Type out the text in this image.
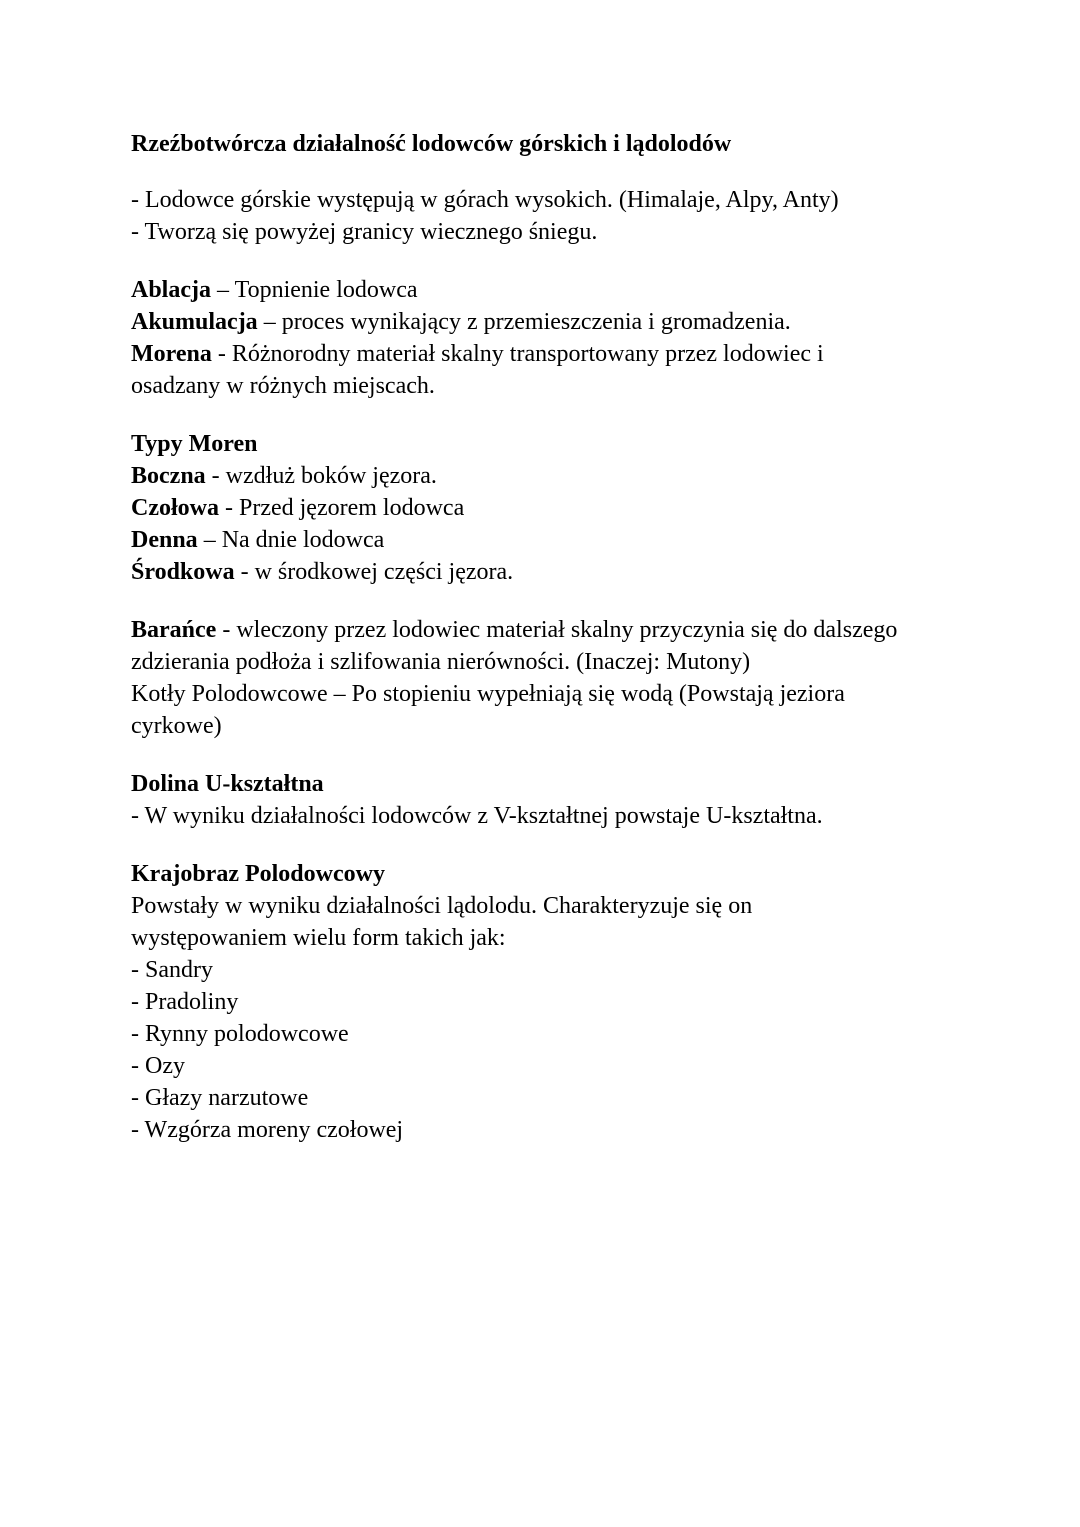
Rzeźbotwórcza działalność lodowców górskich i lądolodów

- Lodowce górskie występują w górach wysokich. (Himalaje, Alpy, Anty)

- Tworzą się powyżej granicy wiecznego śniegu.

Ablacja – Topnienie lodowca

Akumulacja – proces wynikający z przemieszczenia i gromadzenia.

Morena - Różnorodny materiał skalny transportowany przez lodowiec i osadzany w różnych miejscach.

Typy Moren

Boczna - wzdłuż boków jęzora.

Czołowa - Przed jęzorem lodowca

Denna – Na dnie lodowca

Środkowa - w środkowej części jęzora.

Barańce - wleczony przez lodowiec materiał skalny przyczynia się do dalszego zdzierania podłoża i szlifowania nierówności. (Inaczej: Mutony)

Kotły Polodowcowe – Po stopieniu wypełniają się wodą (Powstają jeziora cyrkowe)

Dolina U-kształtna

- W wyniku działalności lodowców z V-kształtnej powstaje U-kształtna.

Krajobraz Polodowcowy

Powstały w wyniku działalności lądolodu. Charakteryzuje się on występowaniem wielu form takich jak:

- Sandry

- Pradoliny

- Rynny polodowcowe

- Ozy

- Głazy narzutowe

- Wzgórza moreny czołowej
